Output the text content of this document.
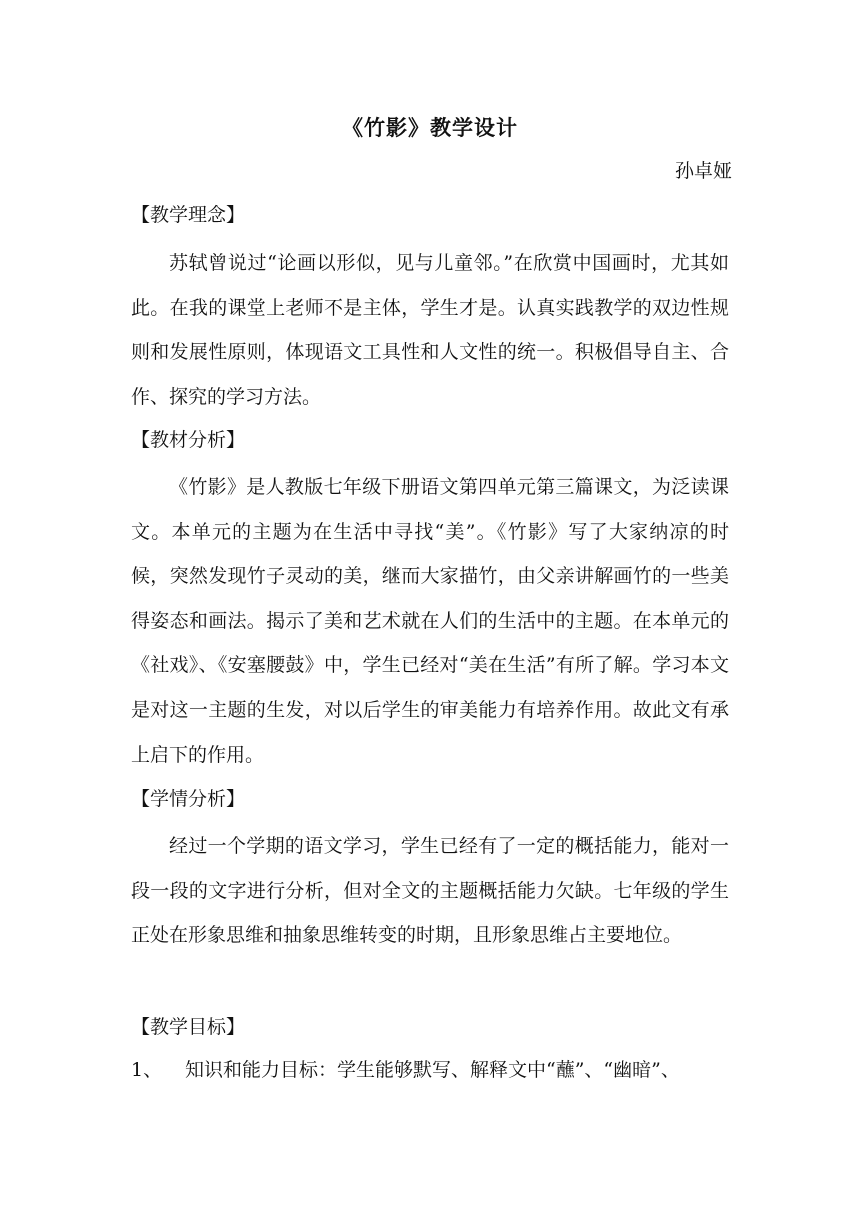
《竹影》教学设计
孙卓娅
【教学理念】
苏轼曾说过“论画以形似，见与儿童邻。”在欣赏中国画时，尤其如此。在我的课堂上老师不是主体，学生才是。认真实践教学的双边性规则和发展性原则，体现语文工具性和人文性的统一。积极倡导自主、合作、探究的学习方法。
【教材分析】
《竹影》是人教版七年级下册语文第四单元第三篇课文，为泛读课文。本单元的主题为在生活中寻找“美”。《竹影》写了大家纳凉的时候，突然发现竹子灵动的美，继而大家描竹，由父亲讲解画竹的一些美得姿态和画法。揭示了美和艺术就在人们的生活中的主题。在本单元的《社戏》、《安塞腰鼓》中，学生已经对“美在生活”有所了解。学习本文是对这一主题的生发，对以后学生的审美能力有培养作用。故此文有承上启下的作用。
【学情分析】
经过一个学期的语文学习，学生已经有了一定的概括能力，能对一段一段的文字进行分析，但对全文的主题概括能力欠缺。七年级的学生正处在形象思维和抽象思维转变的时期，且形象思维占主要地位。
【教学目标】
1、 知识和能力目标：学生能够默写、解释文中“蘸”、“幽暗”、
